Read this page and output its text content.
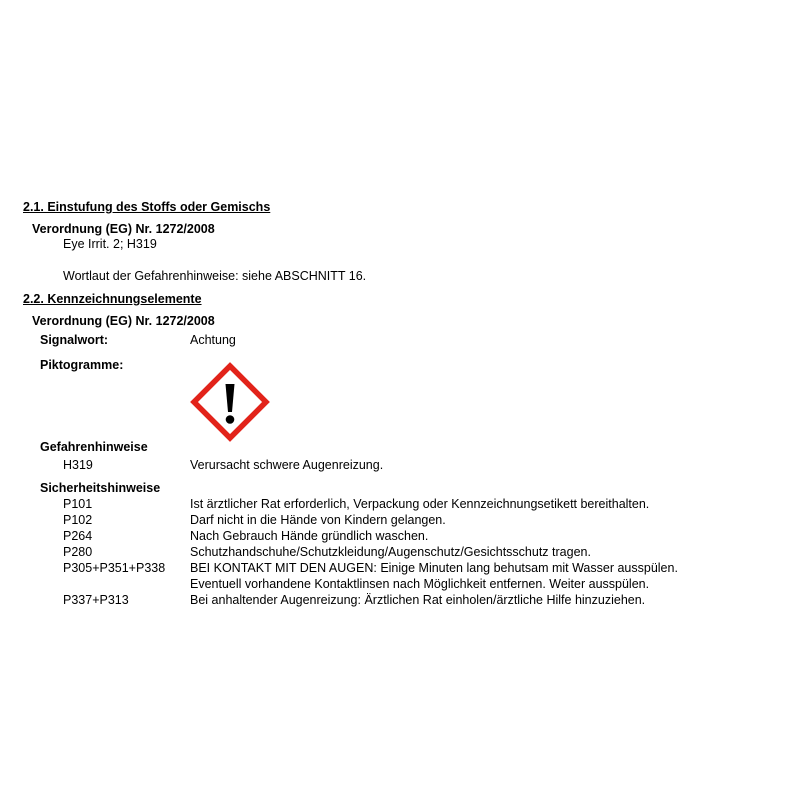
2.1. Einstufung des Stoffs oder Gemischs
Verordnung (EG) Nr. 1272/2008
Eye Irrit. 2; H319
Wortlaut der Gefahrenhinweise: siehe ABSCHNITT 16.
2.2. Kennzeichnungselemente
Verordnung (EG) Nr. 1272/2008
Signalwort:	Achtung
Piktogramme:
Gefahrenhinweise
H319	Verursacht schwere Augenreizung.
Sicherheitshinweise
P101	Ist ärztlicher Rat erforderlich, Verpackung oder Kennzeichnungsetikett bereithalten.
P102	Darf nicht in die Hände von Kindern gelangen.
P264	Nach Gebrauch Hände gründlich waschen.
P280	Schutzhandschuhe/Schutzkleidung/Augenschutz/Gesichtsschutz tragen.
P305+P351+P338 BEI KONTAKT MIT DEN AUGEN: Einige Minuten lang behutsam mit Wasser ausspülen.
Eventuell vorhandene Kontaktlinsen nach Möglichkeit entfernen. Weiter ausspülen.
P337+P313	Bei anhaltender Augenreizung: Ärztlichen Rat einholen/ärztliche Hilfe hinzuziehen.
